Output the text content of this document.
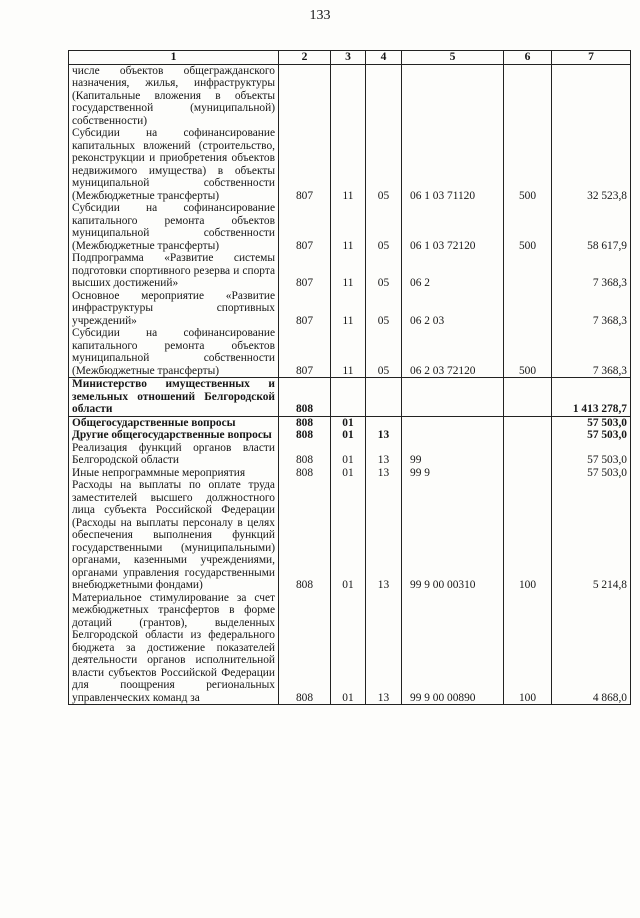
133
1	2	3	4	5	6	7
числе объектов общегражданского назначения, жилья, инфраструктуры (Капитальные вложения в объекты государственной (муниципальной) собственности)						
Субсидии на софинансирование капитальных вложений (строительство, реконструкции и приобретения объектов недвижимого имущества) в объекты муниципальной собственности (Межбюджетные трансферты)	807	11	05	06 1 03 71120	500	32 523,8
Субсидии на софинансирование капитального ремонта объектов муниципальной собственности (Межбюджетные трансферты)	807	11	05	06 1 03 72120	500	58 617,9
Подпрограмма «Развитие системы подготовки спортивного резерва и спорта высших достижений»	807	11	05	06 2		7 368,3
Основное мероприятие «Развитие инфраструктуры спортивных учреждений»	807	11	05	06 2 03		7 368,3
Субсидии на софинансирование капитального ремонта объектов муниципальной собственности (Межбюджетные трансферты)	807	11	05	06 2 03 72120	500	7 368,3
Министерство имущественных и земельных отношений Белгородской области	808					1 413 278,7
Общегосударственные вопросы	808	01				57 503,0
Другие общегосударственные вопросы	808	01	13			57 503,0
Реализация функций органов власти Белгородской области	808	01	13	99		57 503,0
Иные непрограммные мероприятия	808	01	13	99 9		57 503,0
Расходы на выплаты по оплате труда заместителей высшего должностного лица субъекта Российской Федерации (Расходы на выплаты персоналу в целях обеспечения выполнения функций государственными (муниципальными) органами, казенными учреждениями, органами управления государственными внебюджетными фондами)	808	01	13	99 9 00 00310	100	5 214,8
Материальное стимулирование за счет межбюджетных трансфертов в форме дотаций (грантов), выделенных Белгородской области из федерального бюджета за достижение показателей деятельности органов исполнительной власти субъектов Российской Федерации для поощрения региональных управленческих команд за	808	01	13	99 9 00 00890	100	4 868,0
